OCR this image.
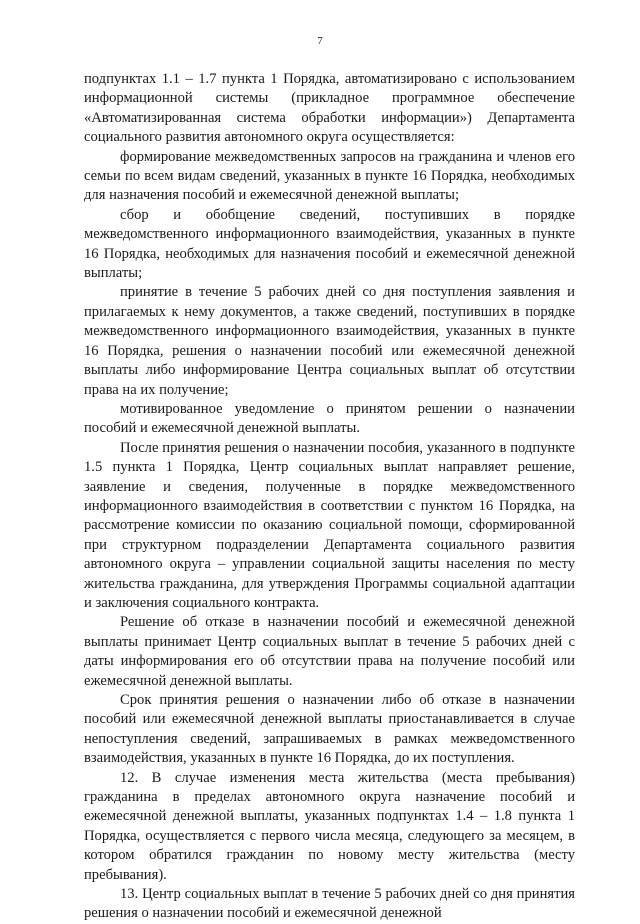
7

подпунктах 1.1 – 1.7 пункта 1 Порядка, автоматизировано с использованием информационной системы (прикладное программное обеспечение «Автоматизированная система обработки информации») Департамента социального развития автономного округа осуществляется:

формирование межведомственных запросов на гражданина и членов его семьи по всем видам сведений, указанных в пункте 16 Порядка, необходимых для назначения пособий и ежемесячной денежной выплаты;

сбор и обобщение сведений, поступивших в порядке межведомственного информационного взаимодействия, указанных в пункте 16 Порядка, необходимых для назначения пособий и ежемесячной денежной выплаты;

принятие в течение 5 рабочих дней со дня поступления заявления и прилагаемых к нему документов, а также сведений, поступивших в порядке межведомственного информационного взаимодействия, указанных в пункте 16 Порядка, решения о назначении пособий или ежемесячной денежной выплаты либо информирование Центра социальных выплат об отсутствии права на их получение;

мотивированное уведомление о принятом решении о назначении пособий и ежемесячной денежной выплаты.

После принятия решения о назначении пособия, указанного в подпункте 1.5 пункта 1 Порядка, Центр социальных выплат направляет решение, заявление и сведения, полученные в порядке межведомственного информационного взаимодействия в соответствии с пунктом 16 Порядка, на рассмотрение комиссии по оказанию социальной помощи, сформированной при структурном подразделении Департамента социального развития автономного округа – управлении социальной защиты населения по месту жительства гражданина, для утверждения Программы социальной адаптации и заключения социального контракта.

Решение об отказе в назначении пособий и ежемесячной денежной выплаты принимает Центр социальных выплат в течение 5 рабочих дней с даты информирования его об отсутствии права на получение пособий или ежемесячной денежной выплаты.

Срок принятия решения о назначении либо об отказе в назначении пособий или ежемесячной денежной выплаты приостанавливается в случае непоступления сведений, запрашиваемых в рамках межведомственного взаимодействия, указанных в пункте 16 Порядка, до их поступления.

12. В случае изменения места жительства (места пребывания) гражданина в пределах автономного округа назначение пособий и ежемесячной денежной выплаты, указанных подпунктах 1.4 – 1.8 пункта 1 Порядка, осуществляется с первого числа месяца, следующего за месяцем, в котором обратился гражданин по новому месту жительства (месту пребывания).

13. Центр социальных выплат в течение 5 рабочих дней со дня принятия решения о назначении пособий и ежемесячной денежной
